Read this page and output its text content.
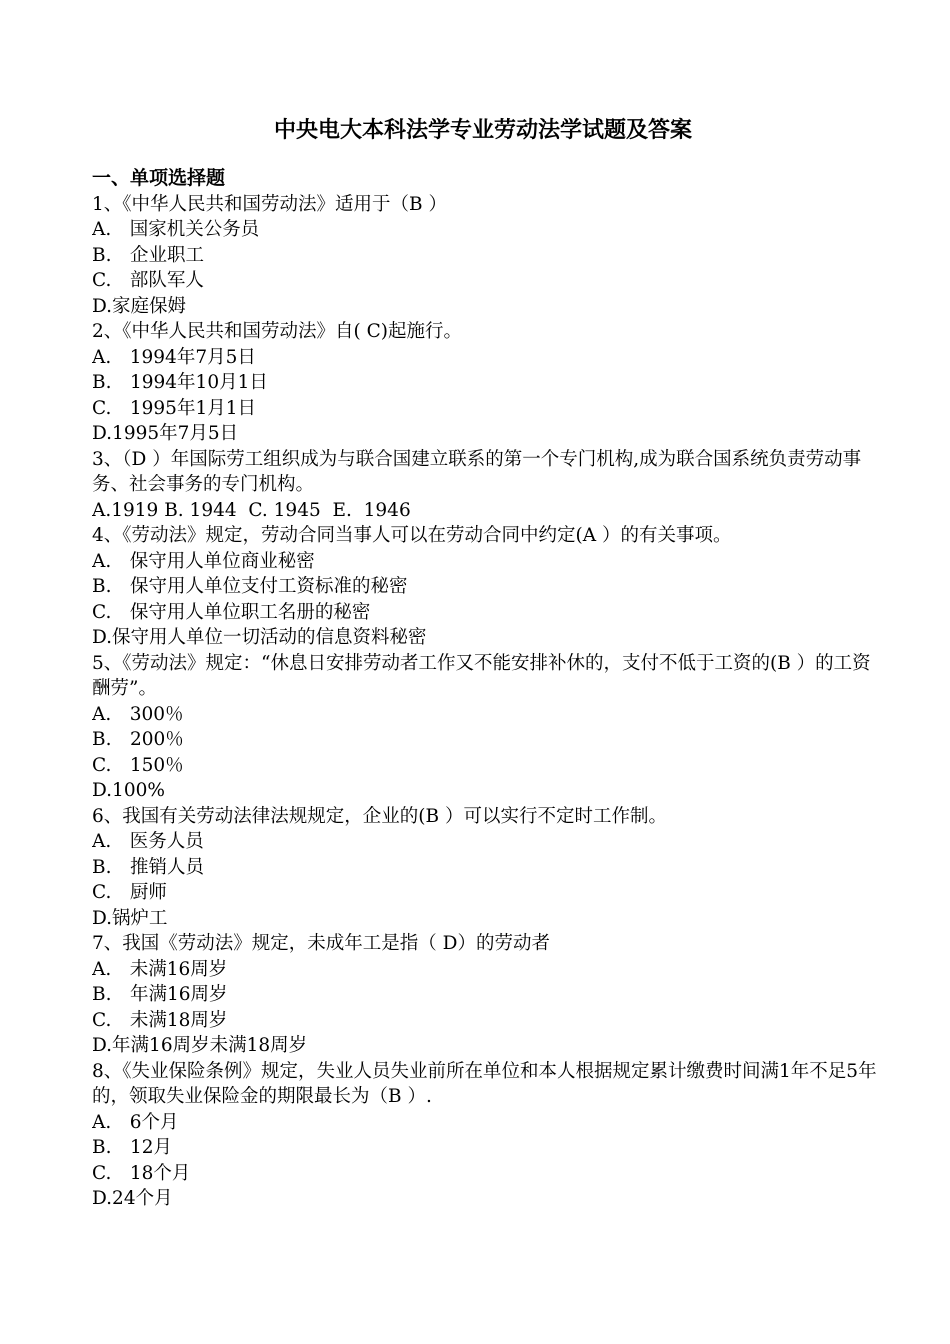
中央电大本科法学专业劳动法学试题及答案

一、单项选择题

1、《中华人民共和国劳动法》适用于（B ）

A.　国家机关公务员

B.　企业职工

C.　部队军人

D.家庭保姆

2、《中华人民共和国劳动法》自( C)起施行。

A.　1994年7月5日

B.　1994年10月1日

C.　1995年1月1日

D.1995年7月5日

3、（D ）年国际劳工组织成为与联合国建立联系的第一个专门机构,成为联合国系统负责劳动事务、社会事务的专门机构。

A.1919 B. 1944  C. 1945  E.  1946

4、《劳动法》规定，劳动合同当事人可以在劳动合同中约定(A ）的有关事项。

A.　保守用人单位商业秘密

B.　保守用人单位支付工资标准的秘密

C.　保守用人单位职工名册的秘密

D.保守用人单位一切活动的信息资料秘密

5、《劳动法》规定：“休息日安排劳动者工作又不能安排补休的，支付不低于工资的(B ）的工资酬劳”。

A.　300％

B.　200％

C.　150％

D.100%

6、我国有关劳动法律法规规定，企业的(B ）可以实行不定时工作制。

A.　医务人员

B.　推销人员

C.　厨师

D.锅炉工

7、我国《劳动法》规定，未成年工是指（ D）的劳动者

A.　未满16周岁

B.　年满16周岁

C.　未满18周岁

D.年满16周岁未满18周岁

8、《失业保险条例》规定，失业人员失业前所在单位和本人根据规定累计缴费时间满1年不足5年的，领取失业保险金的期限最长为（B ）.

A.　6个月

B.　12月

C.　18个月

D.24个月
